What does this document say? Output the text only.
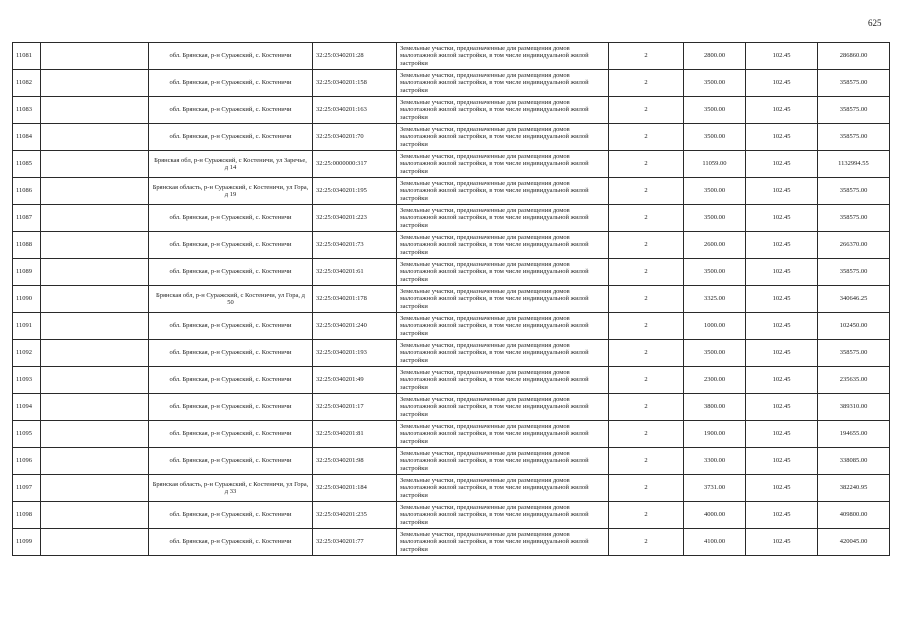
625
11081		обл. Брянская, р-н Суражский, с. Костеничи	32:25:0340201:28	Земельные участки, предназначенные для размещения домов малоэтажной жилой застройки, в том числе индивидуальной жилой застройки	2	2800.00	102.45	286860.00
11082		обл. Брянская, р-н Суражский, с. Костеничи	32:25:0340201:158	Земельные участки, предназначенные для размещения домов малоэтажной жилой застройки, в том числе индивидуальной жилой застройки	2	3500.00	102.45	358575.00
11083		обл. Брянская, р-н Суражский, с. Костеничи	32:25:0340201:163	Земельные участки, предназначенные для размещения домов малоэтажной жилой застройки, в том числе индивидуальной жилой застройки	2	3500.00	102.45	358575.00
11084		обл. Брянская, р-н Суражский, с. Костеничи	32:25:0340201:70	Земельные участки, предназначенные для размещения домов малоэтажной жилой застройки, в том числе индивидуальной жилой застройки	2	3500.00	102.45	358575.00
11085		Брянская обл, р-н Суражский, с Костеничи, ул Заречье, д 14	32:25:0000000:317	Земельные участки, предназначенные для размещения домов малоэтажной жилой застройки, в том числе индивидуальной жилой застройки	2	11059.00	102.45	1132994.55
11086		Брянская область, р-н Суражский, с Костеничи, ул Гора, д 19	32:25:0340201:195	Земельные участки, предназначенные для размещения домов малоэтажной жилой застройки, в том числе индивидуальной жилой застройки	2	3500.00	102.45	358575.00
11087		обл. Брянская, р-н Суражский, с. Костеничи	32:25:0340201:223	Земельные участки, предназначенные для размещения домов малоэтажной жилой застройки, в том числе индивидуальной жилой застройки	2	3500.00	102.45	358575.00
11088		обл. Брянская, р-н Суражский, с. Костеничи	32:25:0340201:73	Земельные участки, предназначенные для размещения домов малоэтажной жилой застройки, в том числе индивидуальной жилой застройки	2	2600.00	102.45	266370.00
11089		обл. Брянская, р-н Суражский, с. Костеничи	32:25:0340201:61	Земельные участки, предназначенные для размещения домов малоэтажной жилой застройки, в том числе индивидуальной жилой застройки	2	3500.00	102.45	358575.00
11090		Брянская обл, р-н Суражский, с Костеничи, ул Гора, д 50	32:25:0340201:178	Земельные участки, предназначенные для размещения домов малоэтажной жилой застройки, в том числе индивидуальной жилой застройки	2	3325.00	102.45	340646.25
11091		обл. Брянская, р-н Суражский, с. Костеничи	32:25:0340201:240	Земельные участки, предназначенные для размещения домов малоэтажной жилой застройки, в том числе индивидуальной жилой застройки	2	1000.00	102.45	102450.00
11092		обл. Брянская, р-н Суражский, с. Костеничи	32:25:0340201:193	Земельные участки, предназначенные для размещения домов малоэтажной жилой застройки, в том числе индивидуальной жилой застройки	2	3500.00	102.45	358575.00
11093		обл. Брянская, р-н Суражский, с. Костеничи	32:25:0340201:49	Земельные участки, предназначенные для размещения домов малоэтажной жилой застройки, в том числе индивидуальной жилой застройки	2	2300.00	102.45	235635.00
11094		обл. Брянская, р-н Суражский, с. Костеничи	32:25:0340201:17	Земельные участки, предназначенные для размещения домов малоэтажной жилой застройки, в том числе индивидуальной жилой застройки	2	3800.00	102.45	389310.00
11095		обл. Брянская, р-н Суражский, с. Костеничи	32:25:0340201:81	Земельные участки, предназначенные для размещения домов малоэтажной жилой застройки, в том числе индивидуальной жилой застройки	2	1900.00	102.45	194655.00
11096		обл. Брянская, р-н Суражский, с. Костеничи	32:25:0340201:98	Земельные участки, предназначенные для размещения домов малоэтажной жилой застройки, в том числе индивидуальной жилой застройки	2	3300.00	102.45	338085.00
11097		Брянская область, р-н Суражский, с Костеничи, ул Гора, д 33	32:25:0340201:184	Земельные участки, предназначенные для размещения домов малоэтажной жилой застройки, в том числе индивидуальной жилой застройки	2	3731.00	102.45	382240.95
11098		обл. Брянская, р-н Суражский, с. Костеничи	32:25:0340201:235	Земельные участки, предназначенные для размещения домов малоэтажной жилой застройки, в том числе индивидуальной жилой застройки	2	4000.00	102.45	409800.00
11099		обл. Брянская, р-н Суражский, с. Костеничи	32:25:0340201:77	Земельные участки, предназначенные для размещения домов малоэтажной жилой застройки, в том числе индивидуальной жилой застройки	2	4100.00	102.45	420045.00
